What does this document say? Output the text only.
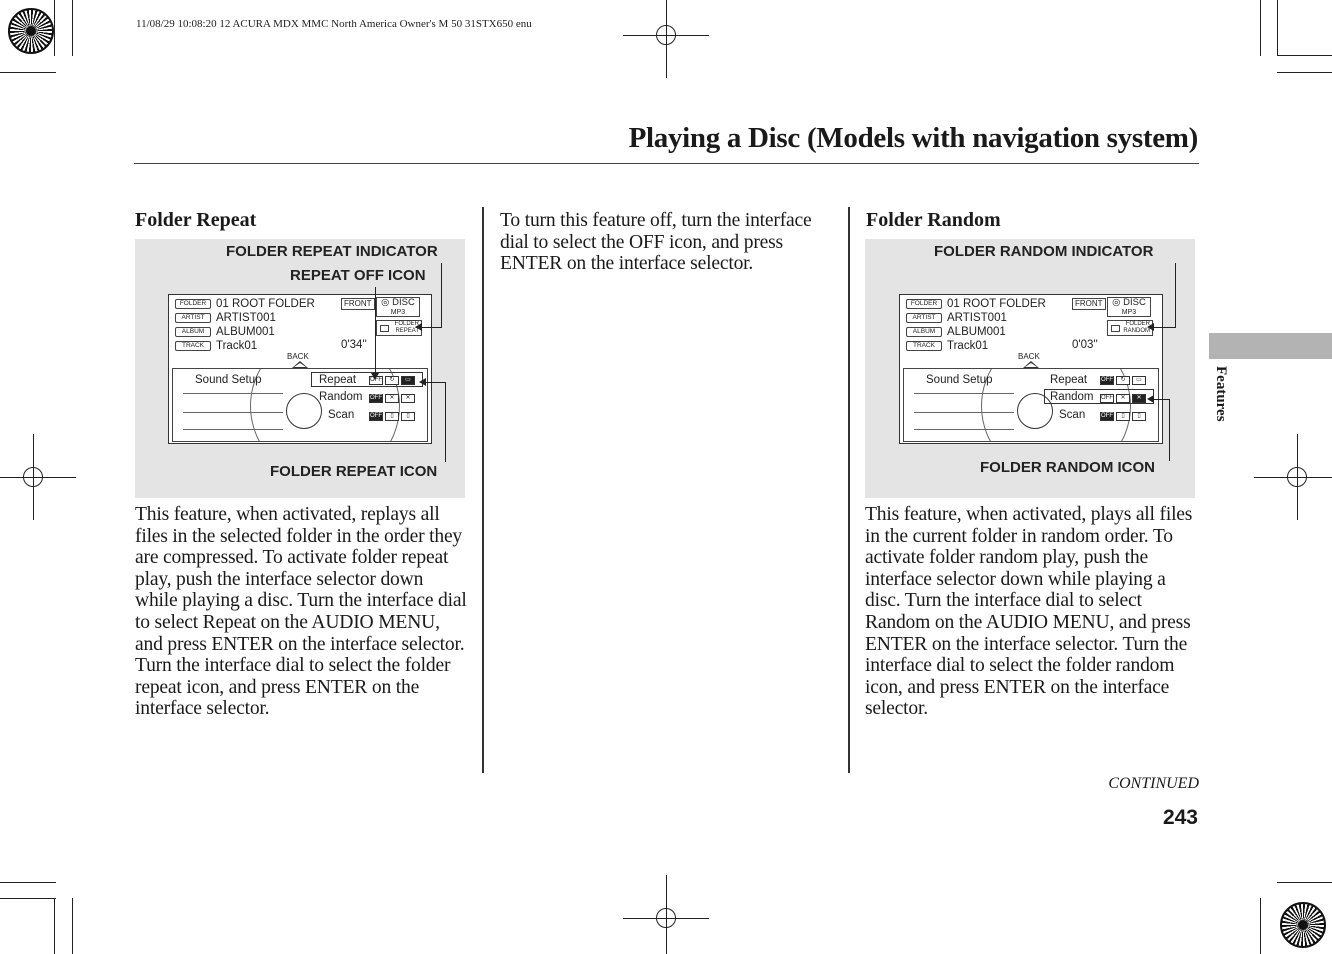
11/08/29 10:08:20 12 ACURA MDX MMC North America Owner's M 50 31STX650 enu
Playing a Disc (Models with navigation system)
Folder Repeat
FOLDER REPEAT INDICATOR
REPEAT OFF ICON
FOLDER 01 ROOT FOLDER
ARTIST	ARTIST001
ALBUM	ALBUM001
TRACK	Track01	0'34''
FRONT	◎ DISC
MP3
FOLDER
REPEAT
BACK
Sound Setup	Repeat OFF	↻	▭
Random OFF	✕	✕
Scan	OFF	▯	▯
FOLDER REPEAT ICON

This feature, when activated, replays all files in the selected folder in the order they are compressed. To activate folder repeat play, push the interface selector down while playing a disc. Turn the interface dial to select Repeat on the AUDIO MENU, and press ENTER on the interface selector. Turn the interface dial to select the folder repeat icon, and press ENTER on the interface selector.

To turn this feature off, turn the interface dial to select the OFF icon, and press ENTER on the interface selector.

Folder Random
FOLDER RANDOM INDICATOR
FOLDER 01 ROOT FOLDER
ARTIST	ARTIST001
ALBUM	ALBUM001
TRACK	Track01	0'03''
FRONT	◎ DISC
MP3
FOLDER
RANDOM
BACK
Sound Setup	Repeat OFF	↻	▭
Random OFF	✕	✕
Scan	OFF	▯	▯
FOLDER RANDOM ICON

This feature, when activated, plays all files in the current folder in random order. To activate folder random play, push the interface selector down while playing a disc. Turn the interface dial to select Random on the AUDIO MENU, and press ENTER on the interface selector. Turn the interface dial to select the folder random icon, and press ENTER on the interface selector.

Features
CONTINUED
243
